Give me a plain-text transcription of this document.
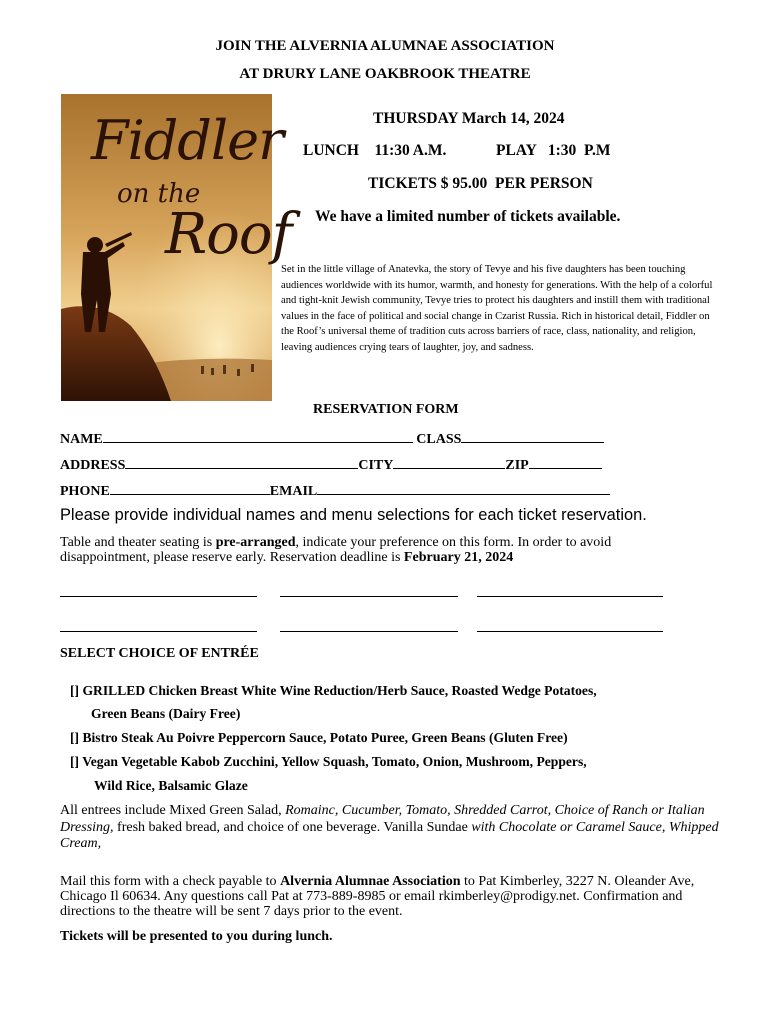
JOIN THE ALVERNIA ALUMNAE ASSOCIATION
AT DRURY LANE OAKBROOK THEATRE
Fiddler
on the
Roof
THURSDAY March 14, 2024
LUNCH    11:30 A.M.	PLAY   1:30  P.M
TICKETS $ 95.00  PER PERSON
We have a limited number of tickets available.
Set in the little village of Anatevka, the story of Tevye and his five daughters has been touching audiences worldwide with its humor, warmth, and honesty for generations. With the help of a colorful and tight-knit Jewish community, Tevye tries to protect his daughters and instill them with traditional values in the face of political and social change in Czarist Russia. Rich in historical detail, Fiddler on the Roof’s universal theme of tradition cuts across barriers of race, class, nationality, and religion, leaving audiences crying tears of laughter, joy, and sadness.
RESERVATION FORM
NAME	CLASS
ADDRESS	CITY	ZIP
PHONE	EMAIL
Please provide individual names and menu selections for each ticket reservation.
Table and theater seating is pre-arranged, indicate your preference on this form. In order to avoid disappointment, please reserve early. Reservation deadline is February 21, 2024
SELECT CHOICE OF ENTRÉE
[] GRILLED Chicken Breast White Wine Reduction/Herb Sauce, Roasted Wedge Potatoes,
Green Beans (Dairy Free)
[] Bistro Steak Au Poivre Peppercorn Sauce, Potato Puree, Green Beans (Gluten Free)
[] Vegan Vegetable Kabob Zucchini, Yellow Squash, Tomato, Onion, Mushroom, Peppers,
Wild Rice, Balsamic Glaze
All entrees include Mixed Green Salad, Romainc, Cucumber, Tomato, Shredded Carrot, Choice of Ranch or Italian Dressing, fresh baked bread, and choice of one beverage. Vanilla Sundae with Chocolate or Caramel Sauce, Whipped Cream,
Mail this form with a check payable to Alvernia Alumnae Association to Pat Kimberley, 3227 N. Oleander Ave, Chicago Il 60634. Any questions call Pat at 773-889-8985 or email rkimberley@prodigy.net. Confirmation and directions to the theatre will be sent 7 days prior to the event.
Tickets will be presented to you during lunch.
